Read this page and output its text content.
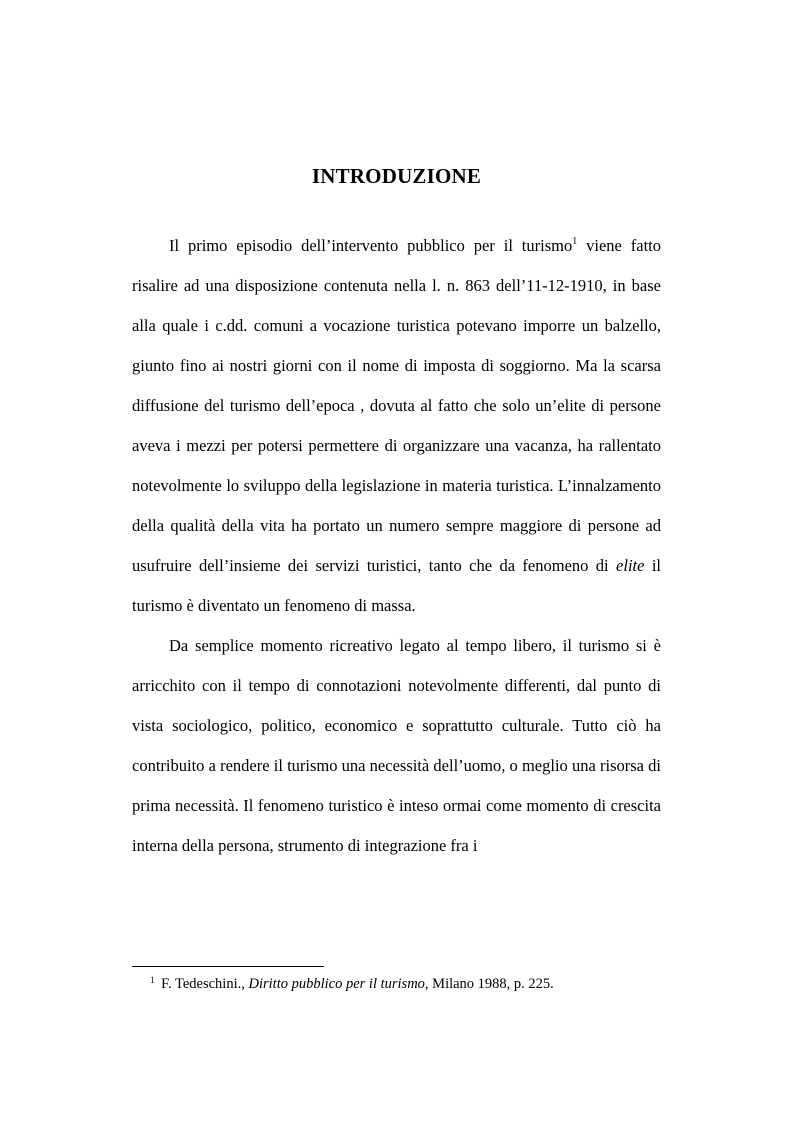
INTRODUZIONE

Il primo episodio dell’intervento pubblico per il turismo$^1$ viene fatto risalire ad una disposizione contenuta nella l. n. 863 dell’11-12-1910, in base alla quale i c.dd. comuni a vocazione turistica potevano imporre un balzello, giunto fino ai nostri giorni con il nome di imposta di soggiorno. Ma la scarsa diffusione del turismo dell’epoca , dovuta al fatto che solo un’elite di persone aveva i mezzi per potersi permettere di organizzare una vacanza, ha rallentato notevolmente lo sviluppo della legislazione in materia turistica. L’innalzamento della qualità della vita ha portato un numero sempre maggiore di persone ad usufruire dell’insieme dei servizi turistici, tanto che da fenomeno di elite il turismo è diventato un fenomeno di massa.

Da semplice momento ricreativo legato al tempo libero, il turismo si è arricchito con il tempo di connotazioni notevolmente differenti, dal punto di vista sociologico, politico, economico e soprattutto culturale. Tutto ciò ha contribuito a rendere il turismo una necessità dell’uomo, o meglio una risorsa di prima necessità. Il fenomeno turistico è inteso ormai come momento di crescita interna della persona, strumento di integrazione fra i

$^1$ F. Tedeschini., Diritto pubblico per il turismo, Milano 1988, p. 225.
